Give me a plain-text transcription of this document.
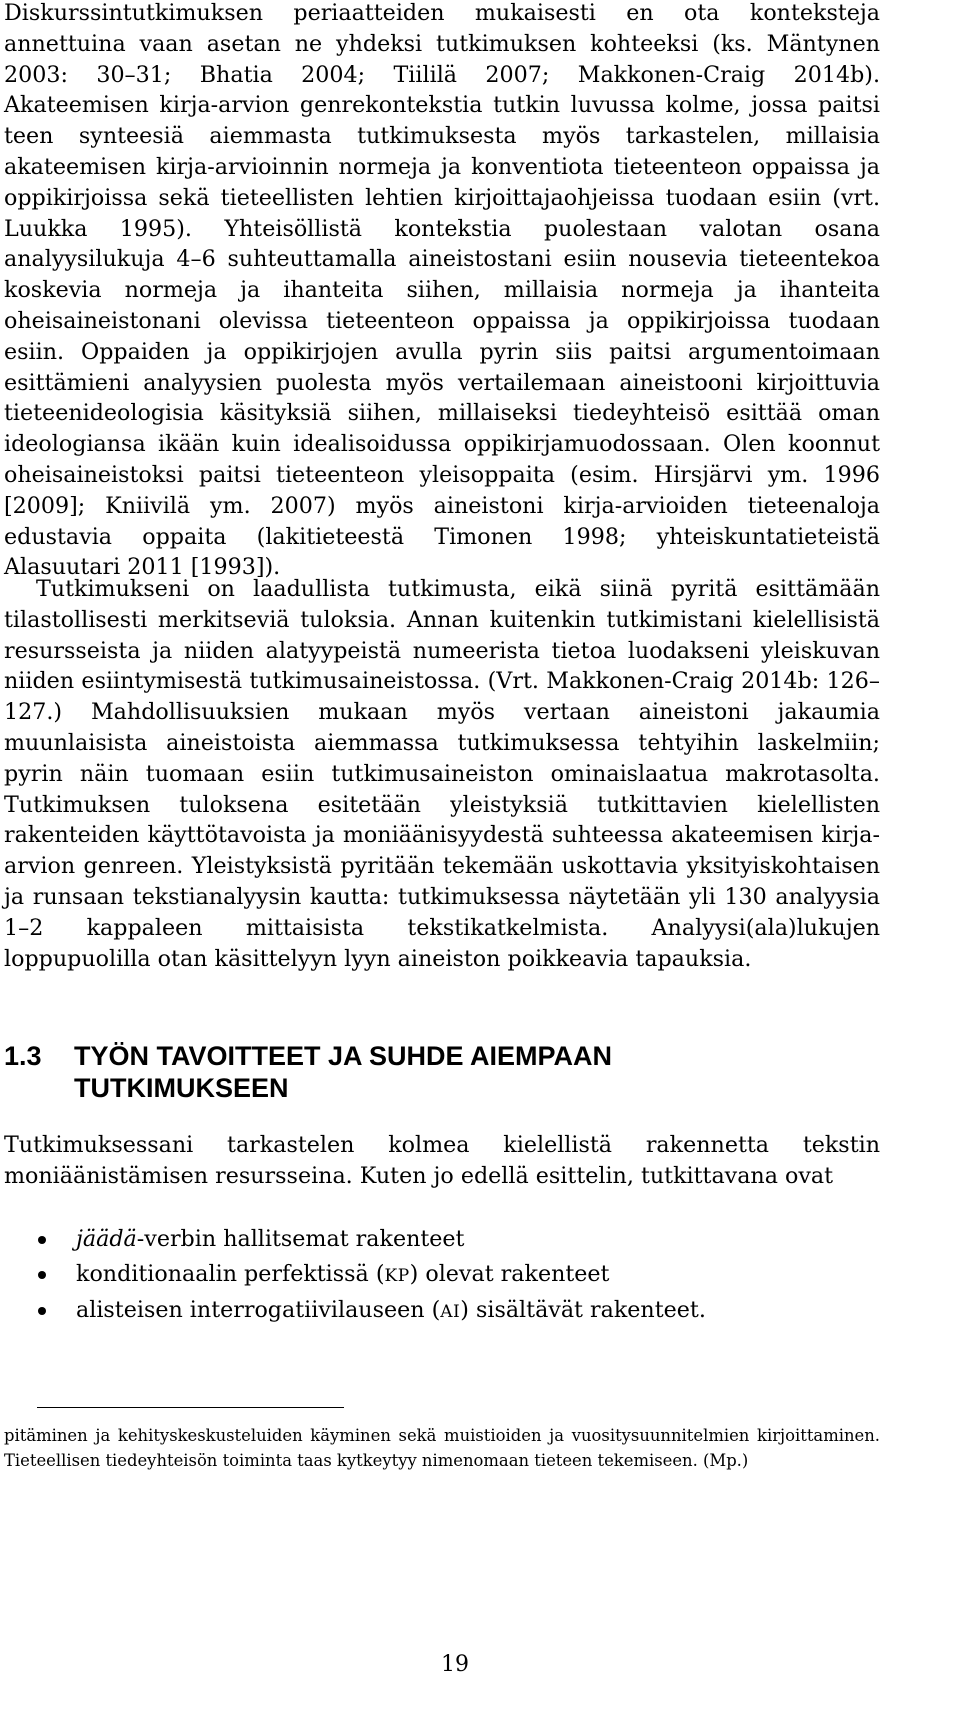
Diskurssintutkimuksen periaatteiden mukaisesti en ota konteksteja annettuina vaan asetan ne yhdeksi tutkimuksen kohteeksi (ks. Mäntynen 2003: 30–31; Bhatia 2004; Tiililä 2007; Makkonen-Craig 2014b). Akateemisen kirja-arvion genrekontekstia tutkin luvussa kolme, jossa paitsi teen synteesiä aiemmasta tutkimuksesta myös tarkastelen, millaisia akateemisen kirja-arvioinnin normeja ja konventiota tieteenteon oppaissa ja oppikirjoissa sekä tieteellisten lehtien kirjoittajaohjeissa tuodaan esiin (vrt. Luukka 1995). Yhteisöllistä kontekstia puolestaan valotan osana analyysilukuja 4–6 suhteuttamalla aineistostani esiin nousevia tieteentekoa koskevia normeja ja ihanteita siihen, millaisia normeja ja ihanteita oheisaineistonani olevissa tieteenteon oppaissa ja oppikirjoissa tuodaan esiin. Oppaiden ja oppikirjojen avulla pyrin siis paitsi argumentoimaan esittämieni analyysien puolesta myös vertailemaan aineistooni kirjoittuvia tieteenideologisia käsityksiä siihen, millaiseksi tiedeyhteisö esittää oman ideologiansa ikään kuin idealisoidussa oppikirjamuodossaan. Olen koonnut oheisaineistoksi paitsi tieteenteon yleisoppaita (esim. Hirsjärvi ym. 1996 [2009]; Kniivilä ym. 2007) myös aineistoni kirja-arvioiden tieteenaloja edustavia oppaita (lakitieteestä Timonen 1998; yhteiskuntatieteistä Alasuutari 2011 [1993]).

Tutkimukseni on laadullista tutkimusta, eikä siinä pyritä esittämään tilastollisesti merkitseviä tuloksia. Annan kuitenkin tutkimistani kielellisistä resursseista ja niiden alatyypeistä numeerista tietoa luodakseni yleiskuvan niiden esiintymisestä tutkimusaineistossa. (Vrt. Makkonen-Craig 2014b: 126–127.) Mahdollisuuksien mukaan myös vertaan aineistoni jakaumia muunlaisista aineistoista aiemmassa tutkimuksessa tehtyihin laskelmiin; pyrin näin tuomaan esiin tutkimusaineiston ominaislaatua makrotasolta. Tutkimuksen tuloksena esitetään yleistyksiä tutkittavien kielellisten rakenteiden käyttötavoista ja moniäänisyydestä suhteessa akateemisen kirja-arvion genreen. Yleistyksistä pyritään tekemään uskottavia yksityiskohtaisen ja runsaan tekstianalyysin kautta: tutkimuksessa näytetään yli 130 analyysia 1–2 kappaleen mittaisista tekstikatkelmista. Analyysi(ala)lukujen loppupuolilla otan käsittelyyn lyyn aineiston poikkeavia tapauksia.

1.3 TYÖN TAVOITTEET JA SUHDE AIEMPAAN
TUTKIMUKSEEN

Tutkimuksessani tarkastelen kolmea kielellistä rakennetta tekstin moniäänistämisen resursseina. Kuten jo edellä esittelin, tutkittavana ovat

jäädä-verbin hallitsemat rakenteet
konditionaalin perfektissä (KP) olevat rakenteet
alisteisen interrogatiivilauseen (AI) sisältävät rakenteet.

pitäminen ja kehityskeskusteluiden käyminen sekä muistioiden ja vuositysuunnitelmien kirjoittaminen. Tieteellisen tiedeyhteisön toiminta taas kytkeytyy nimenomaan tieteen tekemiseen. (Mp.)

19
